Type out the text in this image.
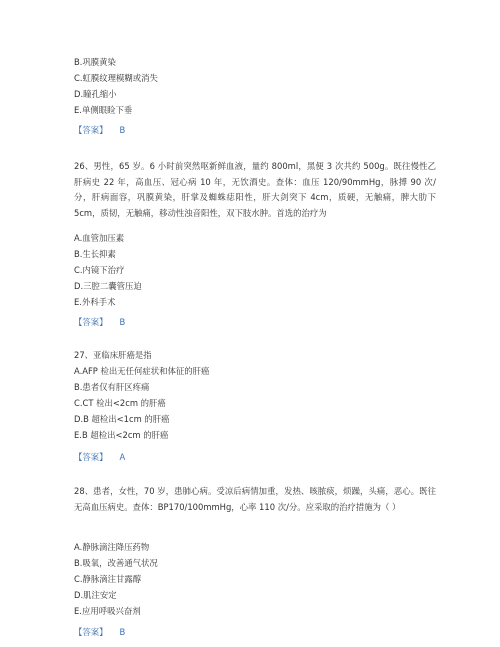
B.巩膜黄染
C.虹膜纹理模糊或消失
D.瞳孔缩小
E.单侧眼睑下垂
【答案】 B
26、男性，65 岁。6 小时前突然呕新鲜血液，量约 800ml，黑便 3 次共约 500g。既往慢性乙肝病史 22 年，高血压、冠心病 10 年，无饮酒史。查体：血压 120/90mmHg，脉搏 90 次/分，肝病面容，巩膜黄染，肝掌及蜘蛛痣阳性，肝大剑突下 4cm，质硬，无触痛，脾大肋下 5cm，质韧，无触痛，移动性浊音阳性，双下肢水肿。首选的治疗为
A.血管加压素
B.生长抑素
C.内镜下治疗
D.三腔二囊管压迫
E.外科手术
【答案】 B
27、亚临床肝癌是指
A.AFP 检出无任何症状和体征的肝癌
B.患者仅有肝区疼痛
C.CT 检出<2cm 的肝癌
D.B 超检出<1cm 的肝癌
E.B 超检出<2cm 的肝癌
【答案】 A
28、患者，女性，70 岁，患肺心病。受凉后病情加重，发热、咳脓痰，烦躁，头痛，恶心。既往无高血压病史。查体：BP170/100mmHg，心率 110 次/分。应采取的治疗措施为（ ）
A.静脉滴注降压药物
B.吸氧，改善通气状况
C.静脉滴注甘露醇
D.肌注安定
E.应用呼吸兴奋剂
【答案】 B
